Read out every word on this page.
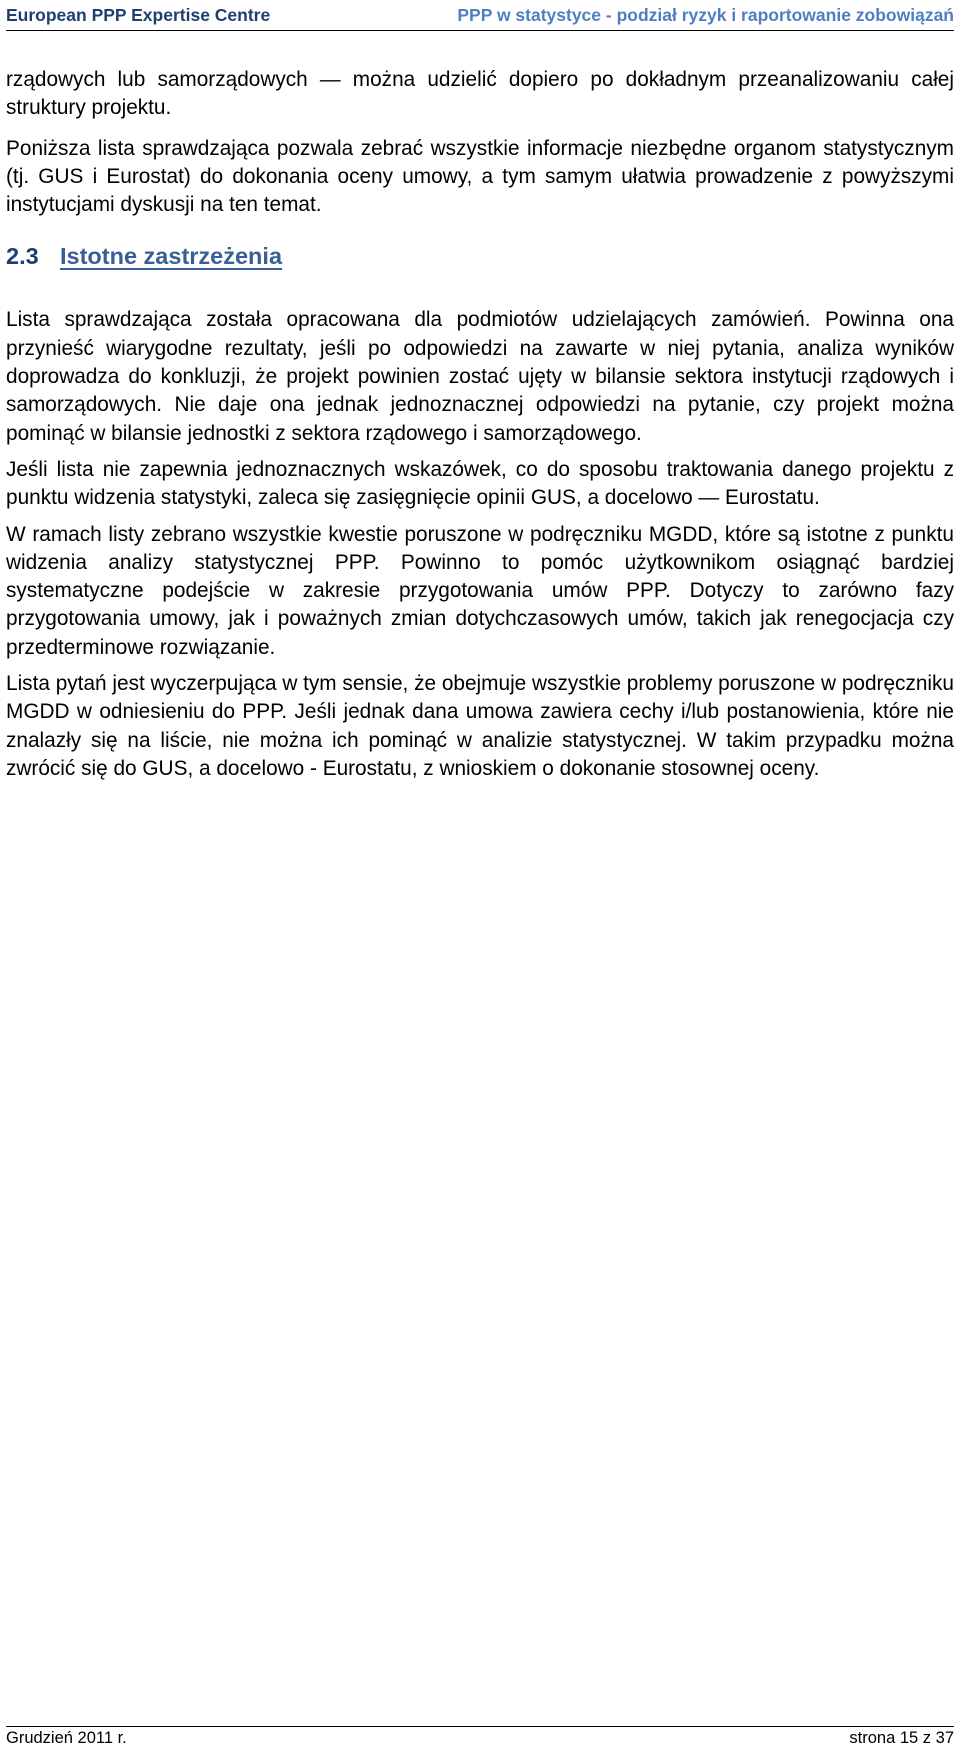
European PPP Expertise Centre	PPP w statystyce - podział ryzyk i raportowanie zobowiązań

rządowych lub samorządowych — można udzielić dopiero po dokładnym przeanalizowaniu całej struktury projektu.

Poniższa lista sprawdzająca pozwala zebrać wszystkie informacje niezbędne organom statystycznym (tj. GUS i Eurostat) do dokonania oceny umowy, a tym samym ułatwia prowadzenie z powyższymi instytucjami dyskusji na ten temat.

2.3 Istotne zastrzeżenia

Lista sprawdzająca została opracowana dla podmiotów udzielających zamówień. Powinna ona przynieść wiarygodne rezultaty, jeśli po odpowiedzi na zawarte w niej pytania, analiza wyników doprowadza do konkluzji, że projekt powinien zostać ujęty w bilansie sektora instytucji rządowych i samorządowych. Nie daje ona jednak jednoznacznej odpowiedzi na pytanie, czy projekt można pominąć w bilansie jednostki z sektora rządowego i samorządowego.

Jeśli lista nie zapewnia jednoznacznych wskazówek, co do sposobu traktowania danego projektu z punktu widzenia statystyki, zaleca się zasięgnięcie opinii GUS, a docelowo — Eurostatu.

W ramach listy zebrano wszystkie kwestie poruszone w podręczniku MGDD, które są istotne z punktu widzenia analizy statystycznej PPP. Powinno to pomóc użytkownikom osiągnąć bardziej systematyczne podejście w zakresie przygotowania umów PPP. Dotyczy to zarówno fazy przygotowania umowy, jak i poważnych zmian dotychczasowych umów, takich jak renegocjacja czy przedterminowe rozwiązanie.

Lista pytań jest wyczerpująca w tym sensie, że obejmuje wszystkie problemy poruszone w podręczniku MGDD w odniesieniu do PPP. Jeśli jednak dana umowa zawiera cechy i/lub postanowienia, które nie znalazły się na liście, nie można ich pominąć w analizie statystycznej. W takim przypadku można zwrócić się do GUS, a docelowo - Eurostatu, z wnioskiem o dokonanie stosownej oceny.

Grudzień 2011 r.	strona 15 z 37
